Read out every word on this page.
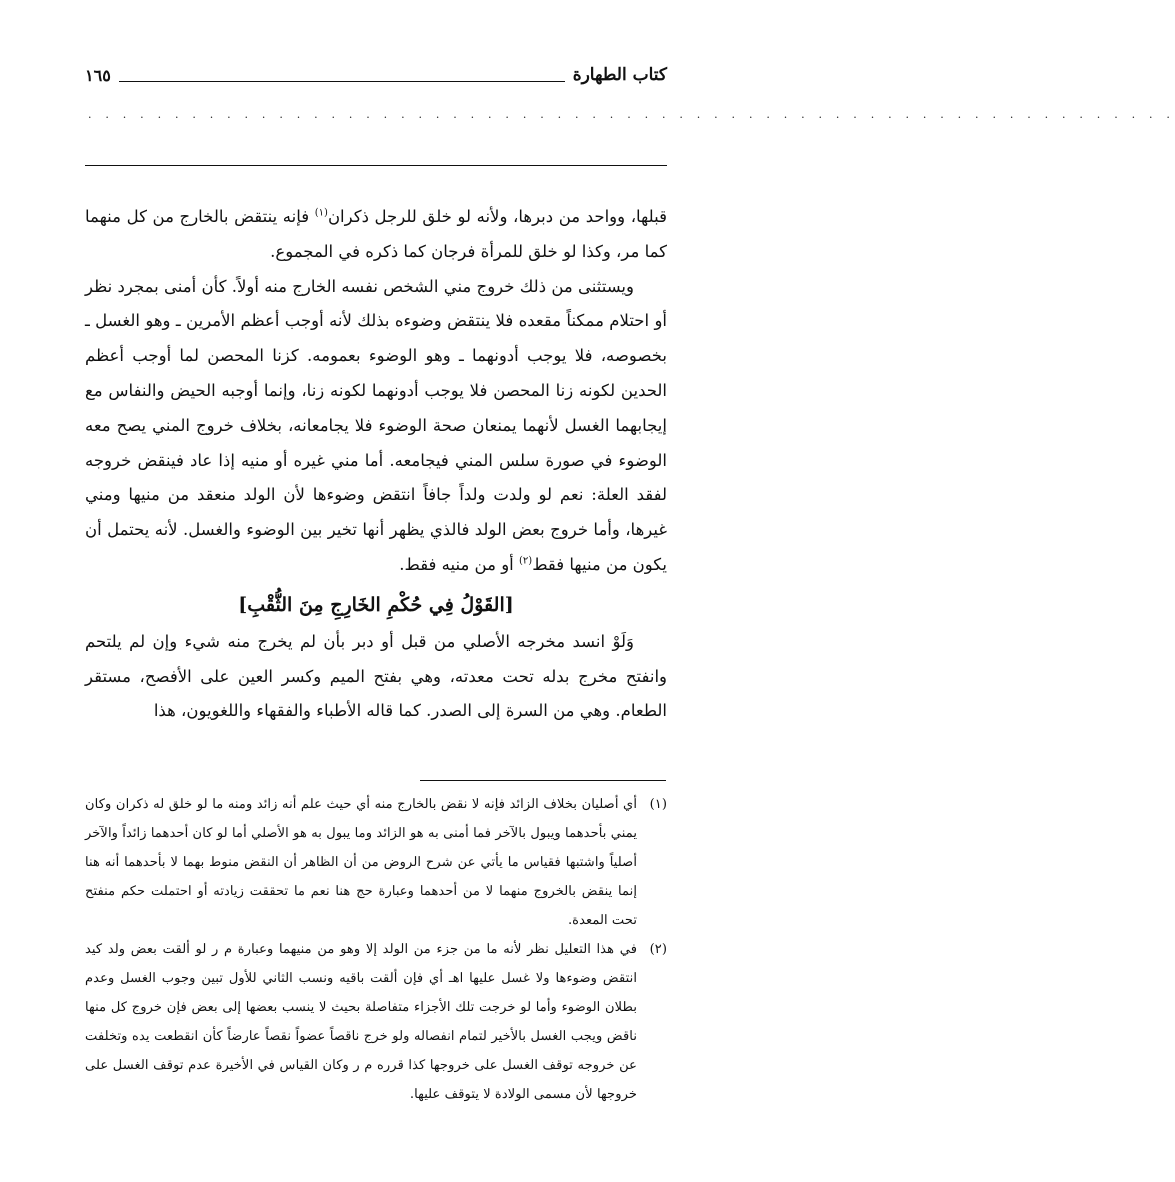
كتاب الطهارة
١٦٥
. . . . . . . . . . . . . . . . . . . . . . . . . . . . . . . . . . . . . . . . . . . . . . . . . . . . . . . . . . . . . . .

قبلها، وواحد من دبرها، ولأنه لو خلق للرجل ذكران$^{(١)}$ فإنه ينتقض بالخارج من كل منهما كما مر، وكذا لو خلق للمرأة فرجان كما ذكره في المجموع.

ويستثنى من ذلك خروج مني الشخص نفسه الخارج منه أولاً. كأن أمنى بمجرد نظر أو احتلام ممكناً مقعده فلا ينتقض وضوءه بذلك لأنه أوجب أعظم الأمرين ـ وهو الغسل ـ بخصوصه، فلا يوجب أدونهما ـ وهو الوضوء بعمومه. كزنا المحصن لما أوجب أعظم الحدين لكونه زنا المحصن فلا يوجب أدونهما لكونه زنا، وإنما أوجبه الحيض والنفاس مع إيجابهما الغسل لأنهما يمنعان صحة الوضوء فلا يجامعانه، بخلاف خروج المني يصح معه الوضوء في صورة سلس المني فيجامعه. أما مني غيره أو منيه إذا عاد فينقض خروجه لفقد العلة: نعم لو ولدت ولداً جافاً انتقض وضوءها لأن الولد منعقد من منيها ومني غيرها، وأما خروج بعض الولد فالذي يظهر أنها تخير بين الوضوء والغسل. لأنه يحتمل أن يكون من منيها فقط$^{(٢)}$ أو من منيه فقط.

[القَوْلُ فِي حُكْمِ الخَارِجِ مِنَ الثُّقْبِ]

وَلَوْ انسد مخرجه الأصلي من قبل أو دبر بأن لم يخرج منه شيء وإن لم يلتحم وانفتح مخرج بدله تحت معدته، وهي بفتح الميم وكسر العين على الأفصح، مستقر الطعام. وهي من السرة إلى الصدر. كما قاله الأطباء والفقهاء واللغويون، هذا

(١)
أي أصليان بخلاف الزائد فإنه لا نقض بالخارج منه أي حيث علم أنه زائد ومنه ما لو خلق له ذكران وكان يمني بأحدهما ويبول بالآخر فما أمنى به هو الزائد وما يبول به هو الأصلي أما لو كان أحدهما زائداً والآخر أصلياً واشتبها فقياس ما يأتي عن شرح الروض من أن الظاهر أن النقض منوط بهما لا بأحدهما أنه هنا إنما ينقض بالخروج منهما لا من أحدهما وعبارة حج هنا نعم ما تحققت زيادته أو احتملت حكم منفتح تحت المعدة.
(٢)
في هذا التعليل نظر لأنه ما من جزء من الولد إلا وهو من منيهما وعبارة م ر لو ألقت بعض ولد كيد انتقض وضوءها ولا غسل عليها اهـ أي فإن ألقت باقيه ونسب الثاني للأول تبين وجوب الغسل وعدم بطلان الوضوء وأما لو خرجت تلك الأجزاء متفاصلة بحيث لا ينسب بعضها إلى بعض فإن خروج كل منها ناقض ويجب الغسل بالأخير لتمام انفصاله ولو خرج ناقصاً عضواً نقصاً عارضاً كأن انقطعت يده وتخلفت عن خروجه توقف الغسل على خروجها كذا قرره م ر وكان القياس في الأخيرة عدم توقف الغسل على خروجها لأن مسمى الولادة لا يتوقف عليها.
